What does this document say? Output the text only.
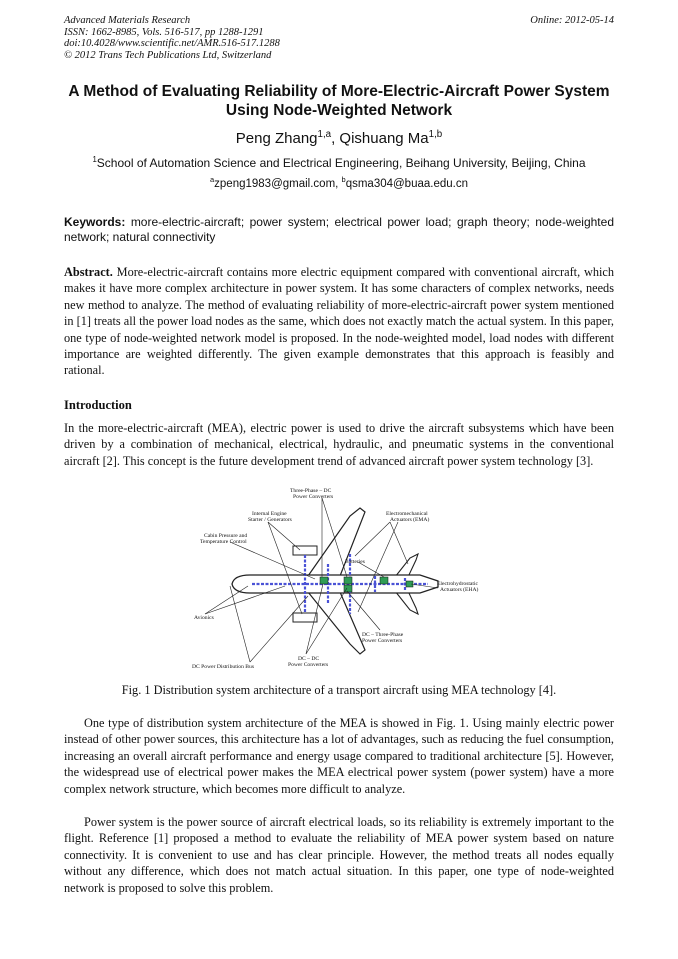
Advanced Materials Research
ISSN: 1662-8985, Vols. 516-517, pp 1288-1291
doi:10.4028/www.scientific.net/AMR.516-517.1288
© 2012 Trans Tech Publications Ltd, Switzerland
Online: 2012-05-14
A Method of Evaluating Reliability of More-Electric-Aircraft Power System Using Node-Weighted Network
Peng Zhang$^{1,a}$, Qishuang Ma$^{1,b}$
$^1$School of Automation Science and Electrical Engineering, Beihang University, Beijing, China
$^a$zpeng1983@gmail.com, $^b$qsma304@buaa.edu.cn
Keywords: more-electric-aircraft; power system; electrical power load; graph theory; node-weighted network; natural connectivity
Abstract. More-electric-aircraft contains more electric equipment compared with conventional aircraft, which makes it have more complex architecture in power system. It has some characters of complex networks, needs new method to analyze. The method of evaluating reliability of more-electric-aircraft power system mentioned in [1] treats all the power load nodes as the same, which does not exactly match the actual system. In this paper, one type of node-weighted network model is proposed. In the node-weighted model, load nodes with different importance are weighted differently. The given example demonstrates that this approach is feasibly and rational.
Introduction
In the more-electric-aircraft (MEA), electric power is used to drive the aircraft subsystems which have been driven by a combination of mechanical, electrical, hydraulic, and pneumatic systems in the conventional aircraft [2]. This concept is the future development trend of advanced aircraft power system technology [3].
Three-Phase – DC
Power Converters
Internal Engine
Starter / Generators
Cabin Pressure and
Temperature Control
Electromechanical
Actuators (EMA)
Batteries
Electrohydrostatic
Actuators (EHA)
Avionics
DC – Three-Phase
Power Converters
DC – DC
Power Converters
DC Power Distribution Bus
Fig. 1 Distribution system architecture of a transport aircraft using MEA technology [4].
One type of distribution system architecture of the MEA is showed in Fig. 1. Using mainly electric power instead of other power sources, this architecture has a lot of advantages, such as reducing the fuel consumption, increasing an overall aircraft performance and energy usage compared to traditional architecture [5]. However, the widespread use of electrical power makes the MEA electrical power system (power system) have a more complex network structure, which becomes more difficult to analyze.
Power system is the power source of aircraft electrical loads, so its reliability is extremely important to the flight. Reference [1] proposed a method to evaluate the reliability of MEA power system based on nature connectivity. It is convenient to use and has clear principle. However, the method treats all nodes equally without any difference, which does not match actual situation. In this paper, one type of node-weighted network is proposed to solve this problem.
